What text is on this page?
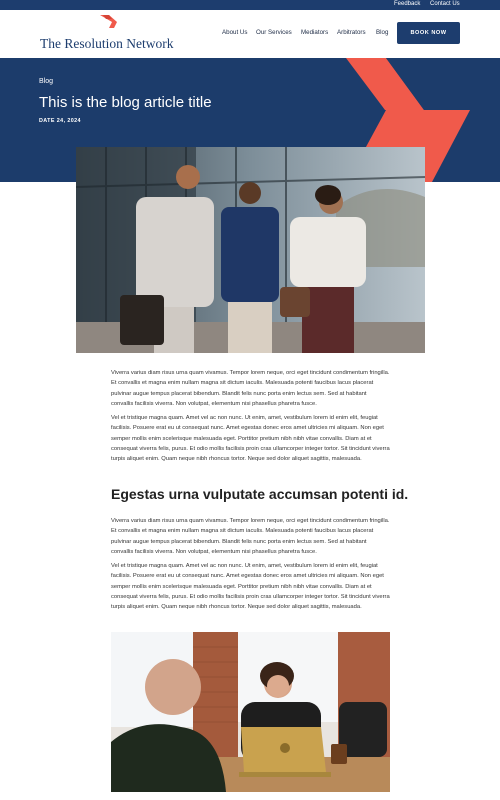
Feedback Contact Us
The Resolution Network
About Us Our Services Mediators Arbitrators Blog	BOOK NOW
Blog
This is the blog article title
DATE 24, 2024

Viverra varius diam risus urna quam vivamus. Tempor lorem neque, orci eget tincidunt condimentum fringilla. Et convallis et magna enim nullam magna sit dictum iaculis. Malesuada potenti faucibus lacus placerat pulvinar augue tempus placerat bibendum. Blandit felis nunc porta enim lectus sem. Sed at habitant convallis facilisis viverra. Non volutpat, elementum nisi phasellus pharetra fusce.

Vel et tristique magna quam. Amet vel ac non nunc. Ut enim, amet, vestibulum lorem id enim elit, feugiat facilisis. Posuere erat eu ut consequat nunc. Amet egestas donec eros amet ultricies mi aliquam. Non eget semper mollis enim scelerisque malesuada eget. Porttitor pretium nibh nibh vitae convallis. Diam at et consequat viverra felis, purus. Et odio mollis facilisis proin cras ullamcorper integer tortor. Sit tincidunt viverra turpis aliquet enim. Quam neque nibh rhoncus tortor. Neque sed dolor aliquet sagittis, malesuada.

Egestas urna vulputate accumsan potenti id.

Viverra varius diam risus urna quam vivamus. Tempor lorem neque, orci eget tincidunt condimentum fringilla. Et convallis et magna enim nullam magna sit dictum iaculis. Malesuada potenti faucibus lacus placerat pulvinar augue tempus placerat bibendum. Blandit felis nunc porta enim lectus sem. Sed at habitant convallis facilisis viverra. Non volutpat, elementum nisi phasellus pharetra fusce.

Vel et tristique magna quam. Amet vel ac non nunc. Ut enim, amet, vestibulum lorem id enim elit, feugiat facilisis. Posuere erat eu ut consequat nunc. Amet egestas donec eros amet ultricies mi aliquam. Non eget semper mollis enim scelerisque malesuada eget. Porttitor pretium nibh nibh vitae convallis. Diam at et consequat viverra felis, purus. Et odio mollis facilisis proin cras ullamcorper integer tortor. Sit tincidunt viverra turpis aliquet enim. Quam neque nibh rhoncus tortor. Neque sed dolor aliquet sagittis, malesuada.
